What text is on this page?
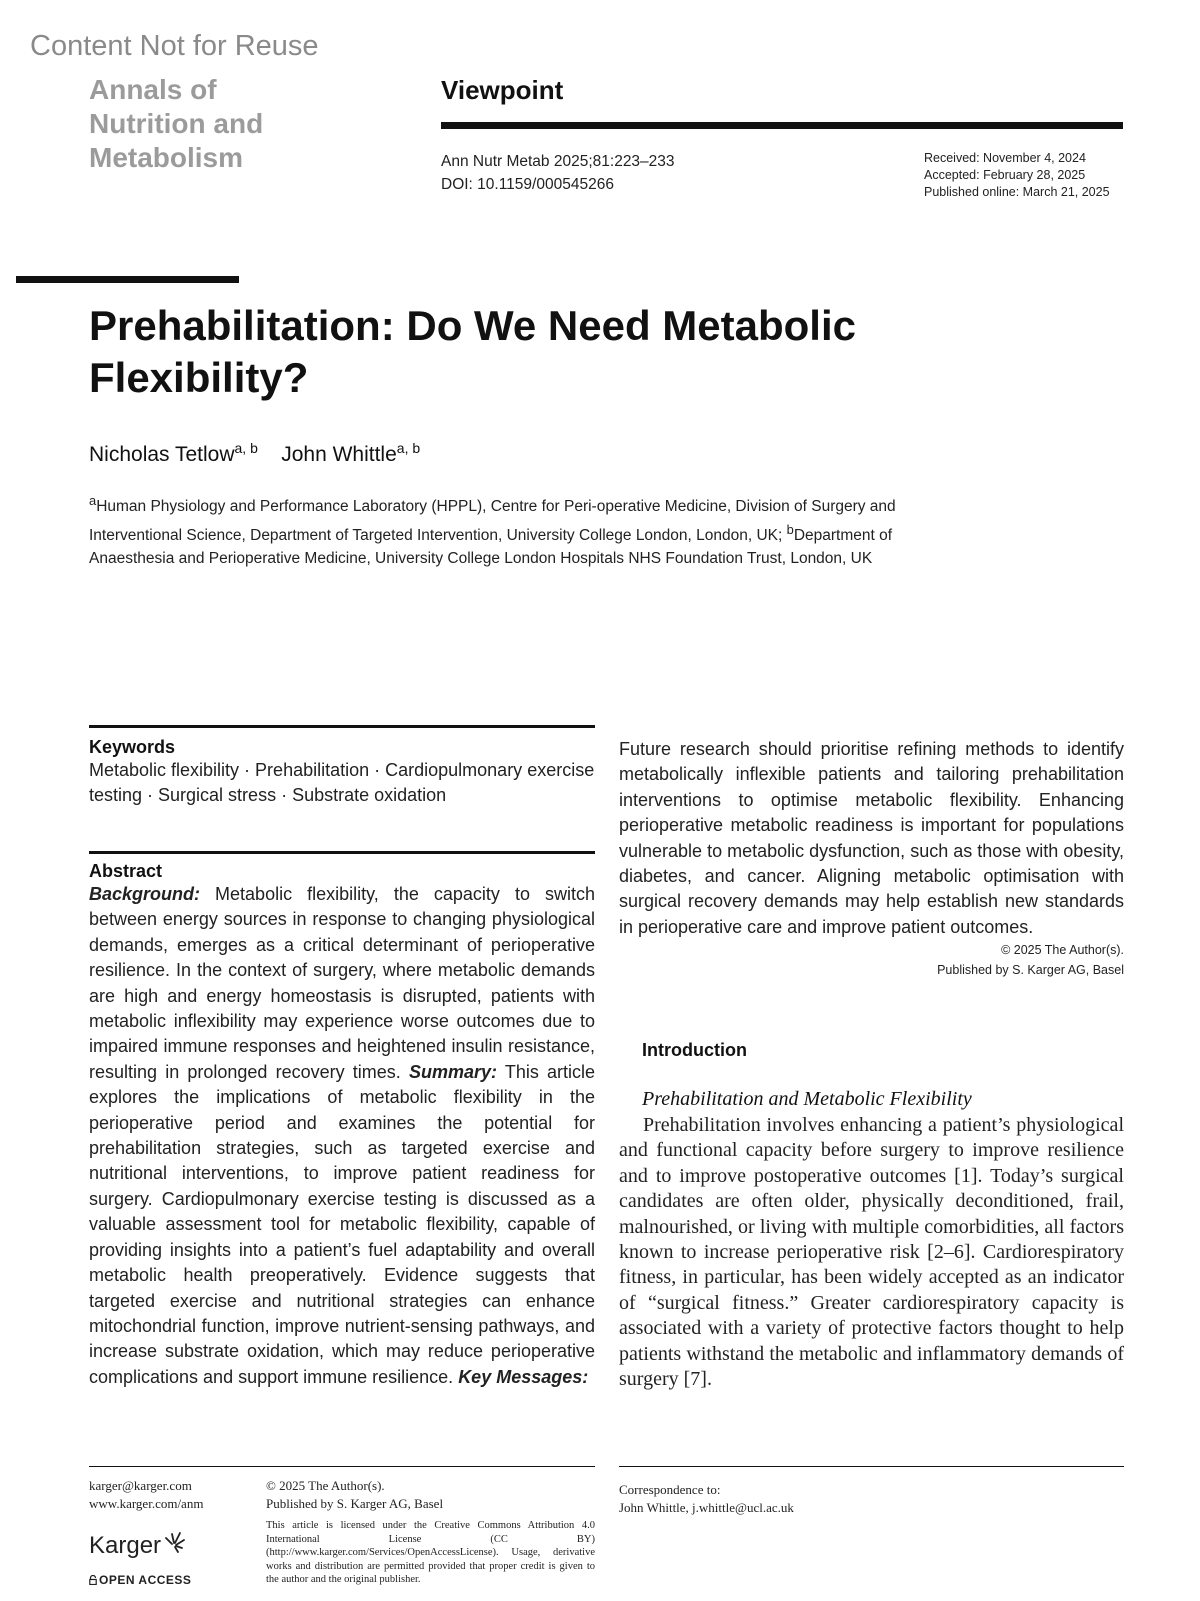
Content Not for Reuse
Annals of
Nutrition and
Metabolism
Viewpoint
Ann Nutr Metab 2025;81:223–233
DOI: 10.1159/000545266
Received: November 4, 2024
Accepted: February 28, 2025
Published online: March 21, 2025
Prehabilitation: Do We Need Metabolic
Flexibility?
Nicholas Tetlow$^{a, b}$ John Whittle$^{a, b}$
$^a$Human Physiology and Performance Laboratory (HPPL), Centre for Peri-operative Medicine, Division of Surgery and Interventional Science, Department of Targeted Intervention, University College London, London, UK; $^b$Department of Anaesthesia and Perioperative Medicine, University College London Hospitals NHS Foundation Trust, London, UK
Keywords
Metabolic flexibility · Prehabilitation · Cardiopulmonary exercise testing · Surgical stress · Substrate oxidation
Abstract
Background: Metabolic flexibility, the capacity to switch between energy sources in response to changing physiological demands, emerges as a critical determinant of perioperative resilience. In the context of surgery, where metabolic demands are high and energy homeostasis is disrupted, patients with metabolic inflexibility may experience worse outcomes due to impaired immune responses and heightened insulin resistance, resulting in prolonged recovery times. Summary: This article explores the implications of metabolic flexibility in the perioperative period and examines the potential for prehabilitation strategies, such as targeted exercise and nutritional interventions, to improve patient readiness for surgery. Cardiopulmonary exercise testing is discussed as a valuable assessment tool for metabolic flexibility, capable of providing insights into a patient’s fuel adaptability and overall metabolic health preoperatively. Evidence suggests that targeted exercise and nutritional strategies can enhance mitochondrial function, improve nutrient-sensing pathways, and increase substrate oxidation, which may reduce perioperative complications and support immune resilience. Key Messages:
Future research should prioritise refining methods to identify metabolically inflexible patients and tailoring prehabilitation interventions to optimise metabolic flexibility. Enhancing perioperative metabolic readiness is important for populations vulnerable to metabolic dysfunction, such as those with obesity, diabetes, and cancer. Aligning metabolic optimisation with surgical recovery demands may help establish new standards in perioperative care and improve patient outcomes.
© 2025 The Author(s).
Published by S. Karger AG, Basel
Introduction
Prehabilitation and Metabolic Flexibility
Prehabilitation involves enhancing a patient’s physiological and functional capacity before surgery to improve resilience and to improve postoperative outcomes [1]. Today’s surgical candidates are often older, physically deconditioned, frail, malnourished, or living with multiple comorbidities, all factors known to increase perioperative risk [2–6]. Cardiorespiratory fitness, in particular, has been widely accepted as an indicator of “surgical fitness.” Greater cardiorespiratory capacity is associated with a variety of protective factors thought to help patients withstand the metabolic and inflammatory demands of surgery [7].
karger@karger.com
www.karger.com/anm
© 2025 The Author(s).
Published by S. Karger AG, Basel
This article is licensed under the Creative Commons Attribution 4.0 International License (CC BY) (http://www.karger.com/Services/OpenAccessLicense). Usage, derivative works and distribution are permitted provided that proper credit is given to the author and the original publisher.
Karger
OPEN ACCESS
Correspondence to:
John Whittle, j.whittle@ucl.ac.uk
